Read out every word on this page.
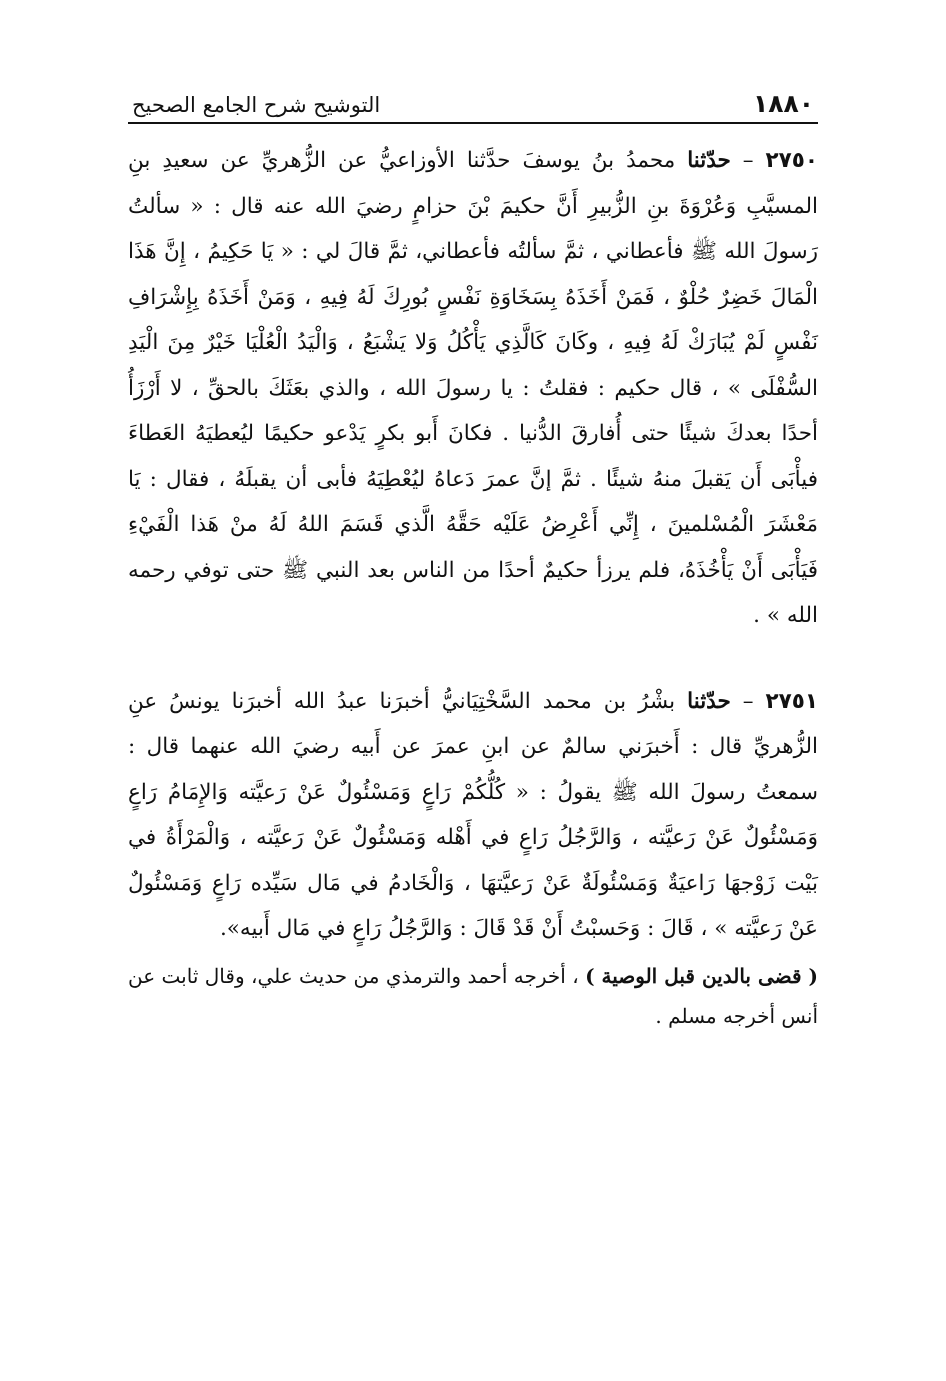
١٨٨٠
التوشيح شرح الجامع الصحيح

٢٧٥٠ – حدّثنا محمدُ بنُ يوسفَ حدَّثنا الأوزاعيُّ عن الزُّهريِّ عن سعيدِ بنِ المسيَّبِ وَعُرْوَةَ بنِ الزُّبيرِ أَنَّ حكيمَ بْنَ حزامٍ رضيَ الله عنه قال : « سألتُ رَسولَ الله ﷺ فأعطاني ، ثمَّ سألتُه فأعطاني، ثمَّ قالَ لي : « يَا حَكِيمُ ، إِنَّ هَذَا الْمَالَ خَضِرٌ حُلْوٌ ، فَمَنْ أَخَذَهُ بِسَخَاوَةِ نَفْسٍ بُورِكَ لَهُ فِيهِ ، وَمَنْ أَخَذَهُ بِإِشْرَافِ نَفْسٍ لَمْ يُبَارَكْ لَهُ فِيهِ ، وكَانَ كَالَّذِي يَأْكُلُ وَلا يَشْبَعُ ، وَالْيَدُ الْعُلْيَا خَيْرٌ مِنَ الْيَدِ السُّفْلَى » ، قال حكيم : فقلتُ : يا رسولَ الله ، والذي بعَثَكَ بالحقِّ ، لا أَرْزَأُ أحدًا بعدكَ شيئًا حتى أُفارقَ الدُّنيا . فكانَ أَبو بكرٍ يَدْعو حكيمًا ليُعطيَهُ العَطاءَ فيأْبَى أَن يَقبلَ منهُ شيئًا . ثمَّ إنَّ عمرَ دَعاهُ ليُعْطِيَهُ فأبى أن يقبلَهُ ، فقال : يَا مَعْشَرَ الْمُسْلمينَ ، إِنِّي أَعْرِضُ عَلَيْه حَقَّهُ الَّذي قَسَمَ اللهُ لَهُ منْ هَذا الْفَيْءِ فَيَأْبَى أَنْ يَأْخُذَهُ، فلم يرزأ حكيمٌ أحدًا من الناس بعد النبي ﷺ حتى توفي رحمه الله » .

٢٧٥١ – حدّثنا بشْرُ بن محمد السَّخْتِيَانيُّ أخبرَنا عبدُ الله أخبرَنا يونسُ عنِ الزُّهريِّ قال : أَخبرَني سالمٌ عن ابنِ عمرَ عن أَبيه رضيَ الله عنهما قال : سمعتُ رسولَ الله ﷺ يقولُ : « كُلُّكُمْ رَاعٍ وَمَسْئُولٌ عَنْ رَعيَّته وَالإِمَامُ رَاعٍ وَمَسْئُولٌ عَنْ رَعيَّته ، وَالرَّجُلُ رَاعٍ في أَهْله وَمَسْئُولٌ عَنْ رَعيَّته ، وَالْمَرْأَةُ في بَيْت زَوْجهَا رَاعيَةٌ وَمَسْئُولَةٌ عَنْ رَعيَّتهَا ، وَالْخَادمُ في مَال سَيِّده رَاعٍ وَمَسْئُولٌ عَنْ رَعيَّته » ، قَالَ : وَحَسبْتُ أَنْ قَدْ قَالَ : وَالرَّجُلُ رَاعٍ في مَال أَبيه».

( قضى بالدين قبل الوصية ) ، أخرجه أحمد والترمذي من حديث علي، وقال ثابت عن أنس أخرجه مسلم .
